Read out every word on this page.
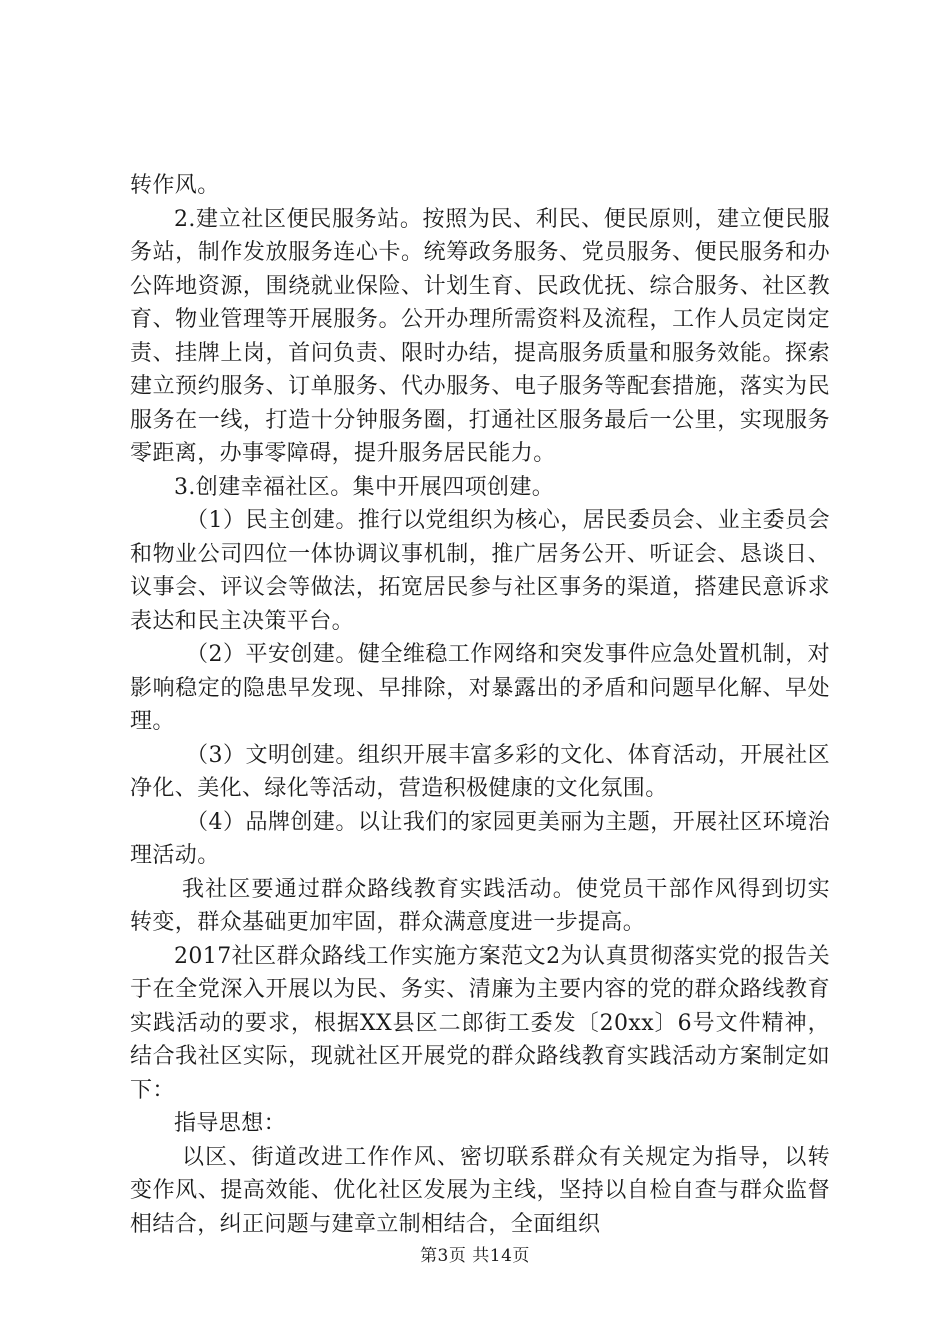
转作风。

2.建立社区便民服务站。按照为民、利民、便民原则，建立便民服务站，制作发放服务连心卡。统筹政务服务、党员服务、便民服务和办公阵地资源，围绕就业保险、计划生育、民政优抚、综合服务、社区教育、物业管理等开展服务。公开办理所需资料及流程，工作人员定岗定责、挂牌上岗，首问负责、限时办结，提高服务质量和服务效能。探索建立预约服务、订单服务、代办服务、电子服务等配套措施，落实为民服务在一线，打造十分钟服务圈，打通社区服务最后一公里，实现服务零距离，办事零障碍，提升服务居民能力。

3.创建幸福社区。集中开展四项创建。

（1）民主创建。推行以党组织为核心，居民委员会、业主委员会和物业公司四位一体协调议事机制，推广居务公开、听证会、恳谈日、议事会、评议会等做法，拓宽居民参与社区事务的渠道，搭建民意诉求表达和民主决策平台。

（2）平安创建。健全维稳工作网络和突发事件应急处置机制，对影响稳定的隐患早发现、早排除，对暴露出的矛盾和问题早化解、早处理。

（3）文明创建。组织开展丰富多彩的文化、体育活动，开展社区净化、美化、绿化等活动，营造积极健康的文化氛围。

（4）品牌创建。以让我们的家园更美丽为主题，开展社区环境治理活动。

我社区要通过群众路线教育实践活动。使党员干部作风得到切实转变，群众基础更加牢固，群众满意度进一步提高。

2017社区群众路线工作实施方案范文2为认真贯彻落实党的报告关于在全党深入开展以为民、务实、清廉为主要内容的党的群众路线教育实践活动的要求，根据XX县区二郎街工委发〔20xx〕6号文件精神，结合我社区实际，现就社区开展党的群众路线教育实践活动方案制定如下：

指导思想：

以区、街道改进工作作风、密切联系群众有关规定为指导，以转变作风、提高效能、优化社区发展为主线，坚持以自检自查与群众监督相结合，纠正问题与建章立制相结合，全面组织

第3页 共14页
